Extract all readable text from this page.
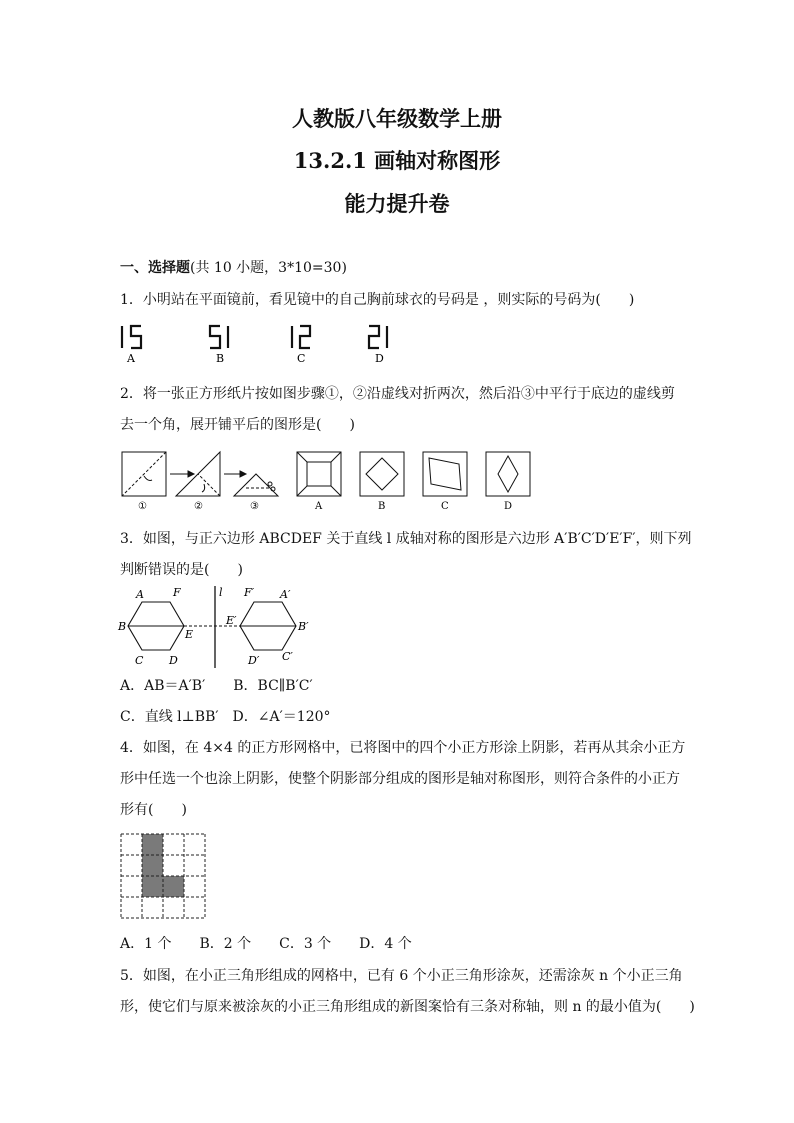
人教版八年级数学上册
13.2.1 画轴对称图形
能力提升卷
一、选择题(共 10 小题，3*10=30)
1．小明站在平面镜前，看见镜中的自己胸前球衣的号码是 ，则实际的号码为(　　)
A	B	C	D
2．将一张正方形纸片按如图步骤①，②沿虚线对折两次，然后沿③中平行于底边的虚线剪
去一个角，展开铺平后的图形是(　　)
①	②	③	A	B	C	D
3．如图，与正六边形 ABCDEF 关于直线 l 成轴对称的图形是六边形 A′B′C′D′E′F′，则下列
判断错误的是(　　)
A	F
B
E
C D
l F′ A′
E′	B′
D′ C′
A．AB＝A′B′　　B．BC∥B′C′
C．直线 l⊥BB′　D．∠A′＝120°
4．如图，在 4×4 的正方形网格中，已将图中的四个小正方形涂上阴影，若再从其余小正方
形中任选一个也涂上阴影，使整个阴影部分组成的图形是轴对称图形，则符合条件的小正方
形有(　　)
A．1 个　　B．2 个　　C．3 个　　D．4 个
5．如图，在小正三角形组成的网格中，已有 6 个小正三角形涂灰，还需涂灰 n 个小正三角
形，使它们与原来被涂灰的小正三角形组成的新图案恰有三条对称轴，则 n 的最小值为(　　)
